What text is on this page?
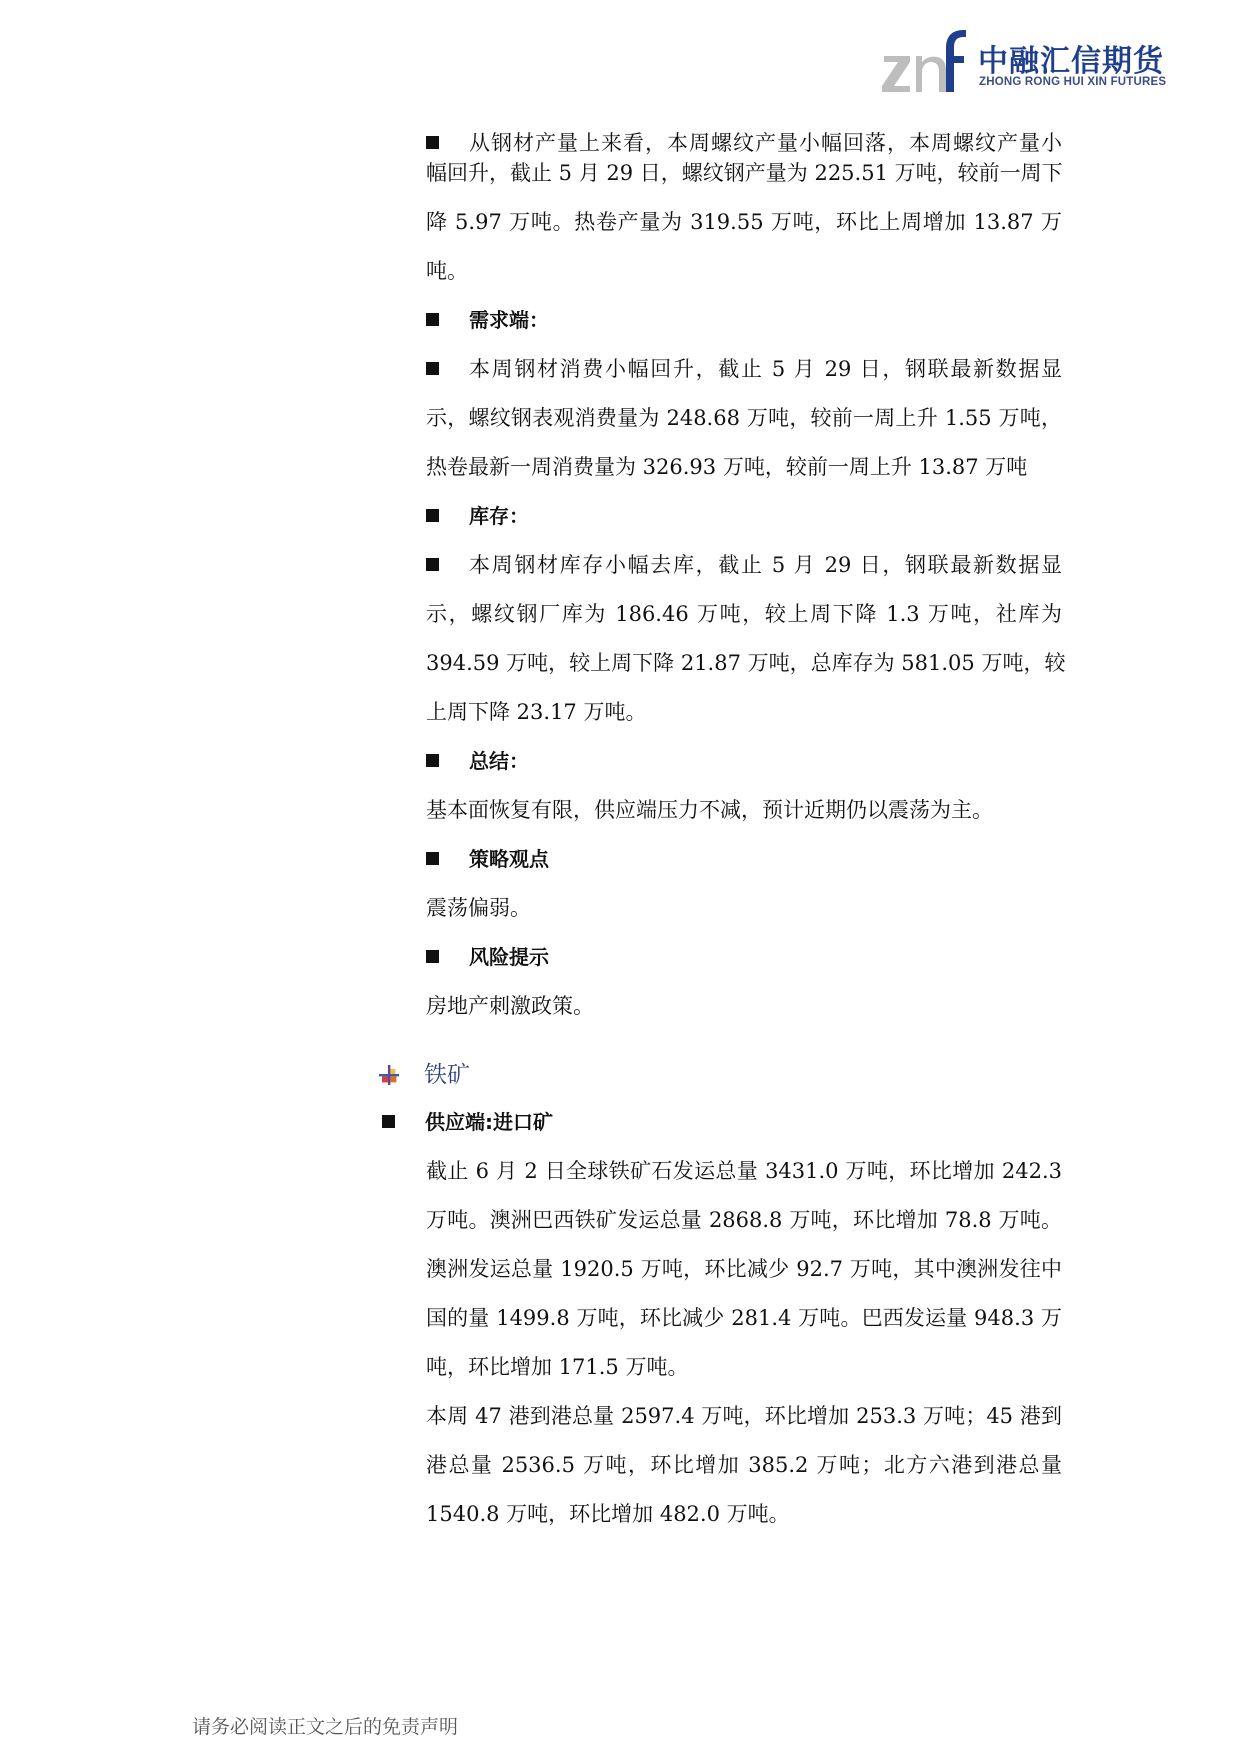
中融汇信期货
ZHONG RONG HUI XIN FUTURES
从钢材产量上来看，本周螺纹产量小幅回落，本周螺纹产量小
幅回升，截止 5 月 29 日，螺纹钢产量为 225.51 万吨，较前一周下
降 5.97 万吨。热卷产量为 319.55 万吨，环比上周增加 13.87 万
吨。
需求端：
本周钢材消费小幅回升，截止 5 月 29 日，钢联最新数据显
示，螺纹钢表观消费量为 248.68 万吨，较前一周上升 1.55 万吨，
热卷最新一周消费量为 326.93 万吨，较前一周上升 13.87 万吨
库存：
本周钢材库存小幅去库，截止 5 月 29 日，钢联最新数据显
示，螺纹钢厂库为 186.46 万吨，较上周下降 1.3 万吨，社库为
394.59 万吨，较上周下降 21.87 万吨，总库存为 581.05 万吨，较
上周下降 23.17 万吨。
总结：
基本面恢复有限，供应端压力不减，预计近期仍以震荡为主。
策略观点
震荡偏弱。
风险提示
房地产刺激政策。
铁矿
供应端:进口矿
截止 6 月 2 日全球铁矿石发运总量 3431.0 万吨，环比增加 242.3
万吨。澳洲巴西铁矿发运总量 2868.8 万吨，环比增加 78.8 万吨。
澳洲发运总量 1920.5 万吨，环比减少 92.7 万吨，其中澳洲发往中
国的量 1499.8 万吨，环比减少 281.4 万吨。巴西发运量 948.3 万
吨，环比增加 171.5 万吨。
本周 47 港到港总量 2597.4 万吨，环比增加 253.3 万吨；45 港到
港总量 2536.5 万吨，环比增加 385.2 万吨；北方六港到港总量
1540.8 万吨，环比增加 482.0 万吨。
请务必阅读正文之后的免责声明
